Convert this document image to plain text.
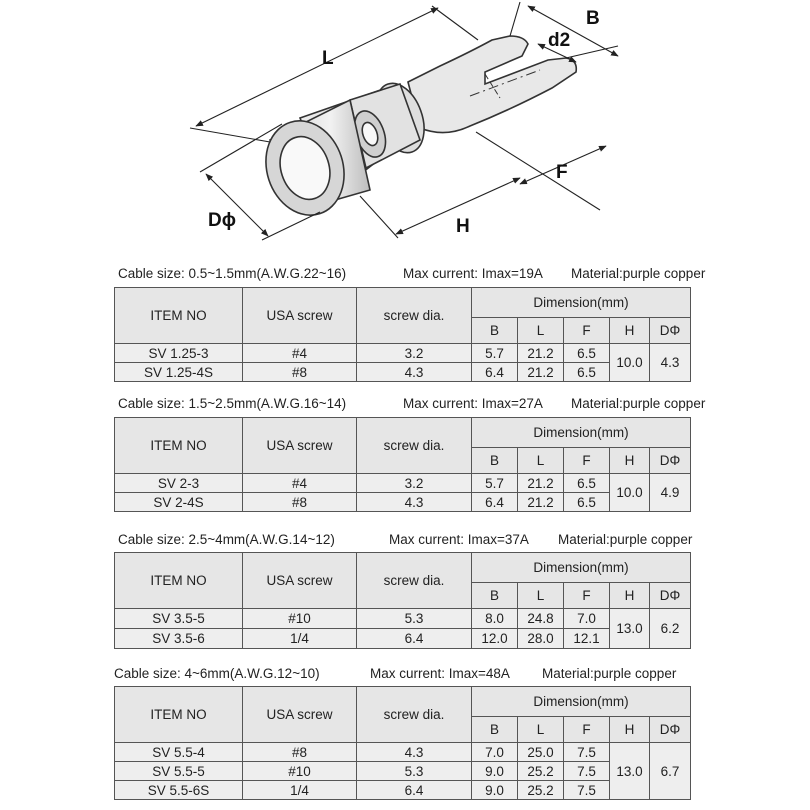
L
B
d2
F
H
Dϕ
Cable size: 0.5~1.5mm(A.W.G.22~16)	Max current: Imax=19A Material:purple copper
ITEM NO	USA screw	screw dia.	Dimension(mm)				
			B	L	F	H	DΦ
SV 1.25-3	#4	3.2	5.7	21.2	6.5	10.0	4.3
SV 1.25-4S	#8	4.3	6.4	21.2	6.5		
Cable size: 1.5~2.5mm(A.W.G.16~14)	Max current: Imax=27A Material:purple copper
ITEM NO	USA screw	screw dia.	Dimension(mm)				
			B	L	F	H	DΦ
SV 2-3	#4	3.2	5.7	21.2	6.5	10.0	4.9
SV 2-4S	#8	4.3	6.4	21.2	6.5		
Cable size: 2.5~4mm(A.W.G.14~12)	Max current: Imax=37A Material:purple copper
ITEM NO	USA screw	screw dia.	Dimension(mm)				
			B	L	F	H	DΦ
SV 3.5-5	#10	5.3	8.0	24.8	7.0	13.0	6.2
SV 3.5-6	1/4	6.4	12.0	28.0	12.1		
Cable size: 4~6mm(A.W.G.12~10)	Max current: Imax=48A Material:purple copper
ITEM NO	USA screw	screw dia.	Dimension(mm)				
			B	L	F	H	DΦ
SV 5.5-4	#8	4.3	7.0	25.0	7.5	13.0	6.7
SV 5.5-5	#10	5.3	9.0	25.2	7.5		
SV 5.5-6S	1/4	6.4	9.0	25.2	7.5		
